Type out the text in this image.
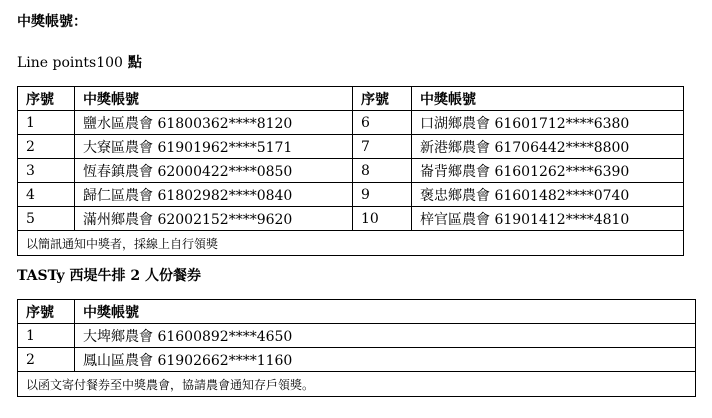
中獎帳號：
Line points100 點
序號	中獎帳號	序號	中獎帳號
1	鹽水區農會 61800362****8120	6	口湖鄉農會 61601712****6380
2	大寮區農會 61901962****5171	7	新港鄉農會 61706442****8800
3	恆春鎮農會 62000422****0850	8	崙背鄉農會 61601262****6390
4	歸仁區農會 61802982****0840	9	褒忠鄉農會 61601482****0740
5	滿州鄉農會 62002152****9620	10	梓官區農會 61901412****4810
以簡訊通知中獎者，採線上自行領獎			
TASTy 西堤牛排 2 人份餐券
序號	中獎帳號
1	大埤鄉農會 61600892****4650
2	鳳山區農會 61902662****1160
以函文寄付餐券至中獎農會，協請農會通知存戶領獎。	
